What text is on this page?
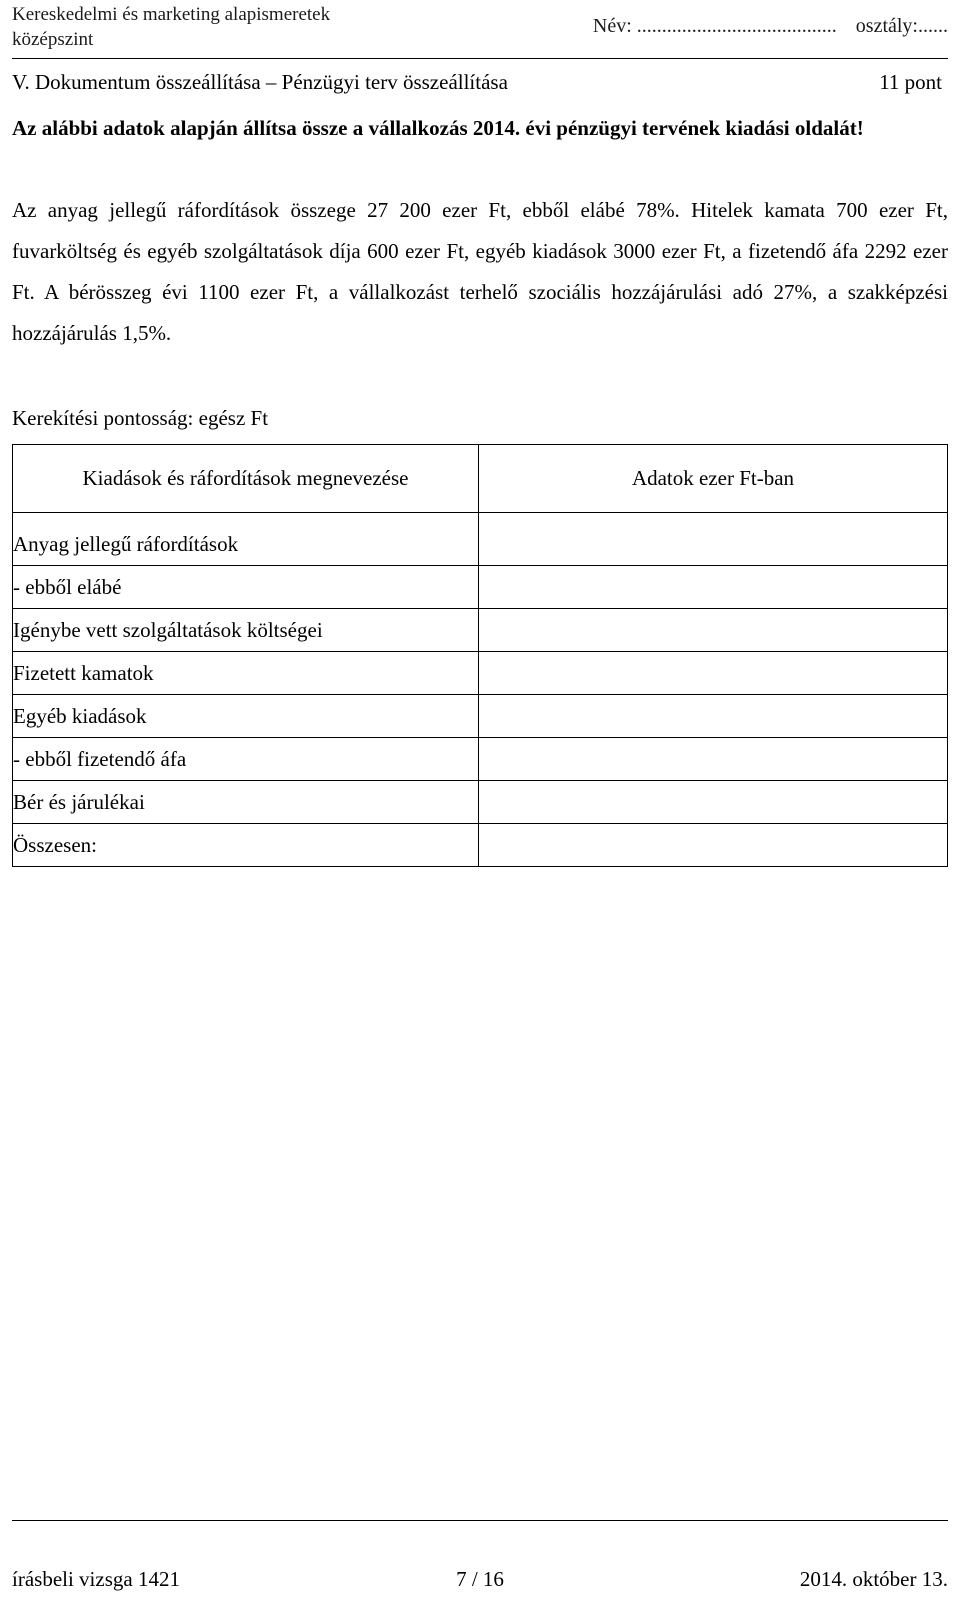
Kereskedelmi és marketing alapismeretek
középszint
Név: ........................................ osztály:......
V. Dokumentum összeállítása – Pénzügyi terv összeállítása	11 pont

Az alábbi adatok alapján állítsa össze a vállalkozás 2014. évi pénzügyi tervének kiadási oldalát!

Az anyag jellegű ráfordítások összege 27 200 ezer Ft, ebből elábé 78%. Hitelek kamata 700 ezer Ft, fuvarköltség és egyéb szolgáltatások díja 600 ezer Ft, egyéb kiadások 3000 ezer Ft, a fizetendő áfa 2292 ezer Ft. A bérösszeg évi 1100 ezer Ft, a vállalkozást terhelő szociális hozzájárulási adó 27%, a szakképzési hozzájárulás 1,5%.

Kerekítési pontosság: egész Ft
Kiadások és ráfordítások megnevezése	Adatok ezer Ft-ban

Anyag jellegű ráfordítások	
- ebből elábé	
Igénybe vett szolgáltatások költségei	
Fizetett kamatok	
Egyéb kiadások	
- ebből fizetendő áfa	
Bér és járulékai	
Összesen:	
írásbeli vizsga 1421	7 / 16	2014. október 13.
